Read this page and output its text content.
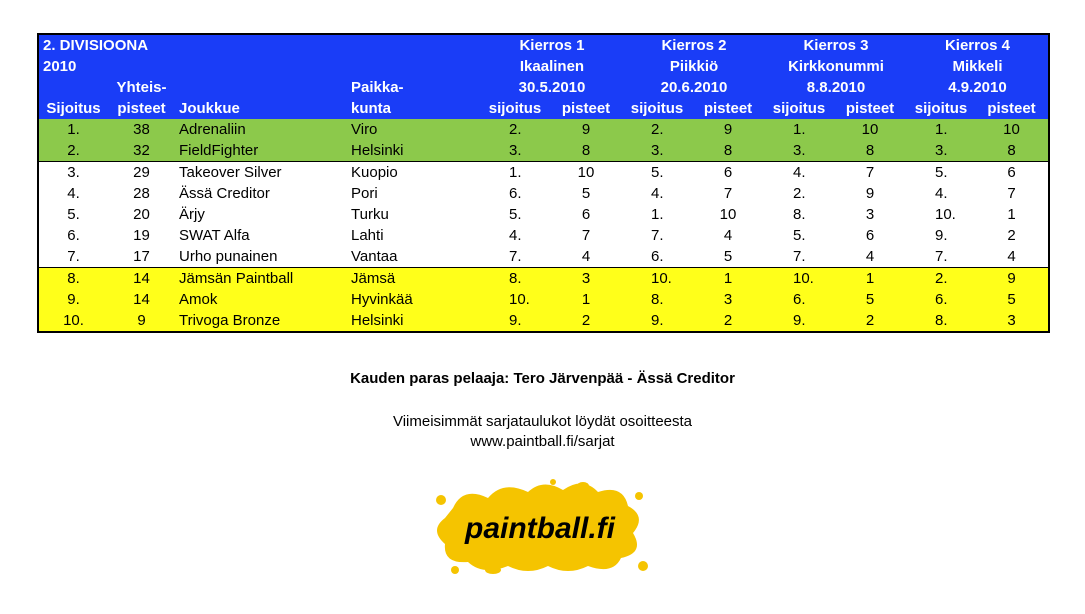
2. DIVISIOONA				Kierros 1		Kierros 2		Kierros 3		Kierros 4	
2010				Ikaalinen		Piikkiö		Kirkkonummi		Mikkeli	
	Yhteis-		Paikka-	30.5.2010		20.6.2010		8.8.2010		4.9.2010	
Sijoitus	pisteet	Joukkue	kunta	sijoitus	pisteet	sijoitus	pisteet	sijoitus	pisteet	sijoitus	pisteet
1.	38	Adrenaliin	Viro	2.	9	2.	9	1.	10	1.	10
2.	32	FieldFighter	Helsinki	3.	8	3.	8	3.	8	3.	8
3.	29	Takeover Silver	Kuopio	1.	10	5.	6	4.	7	5.	6
4.	28	Ässä Creditor	Pori	6.	5	4.	7	2.	9	4.	7
5.	20	Ärjy	Turku	5.	6	1.	10	8.	3	10.	1
6.	19	SWAT Alfa	Lahti	4.	7	7.	4	5.	6	9.	2
7.	17	Urho punainen	Vantaa	7.	4	6.	5	7.	4	7.	4
8.	14	Jämsän Paintball	Jämsä	8.	3	10.	1	10.	1	2.	9
9.	14	Amok	Hyvinkää	10.	1	8.	3	6.	5	6.	5
10.	9	Trivoga Bronze	Helsinki	9.	2	9.	2	9.	2	8.	3
Kauden paras pelaaja: Tero Järvenpää - Ässä Creditor
Viimeisimmät sarjataulukot löydät osoitteesta
www.paintball.fi/sarjat
paintball.fi
